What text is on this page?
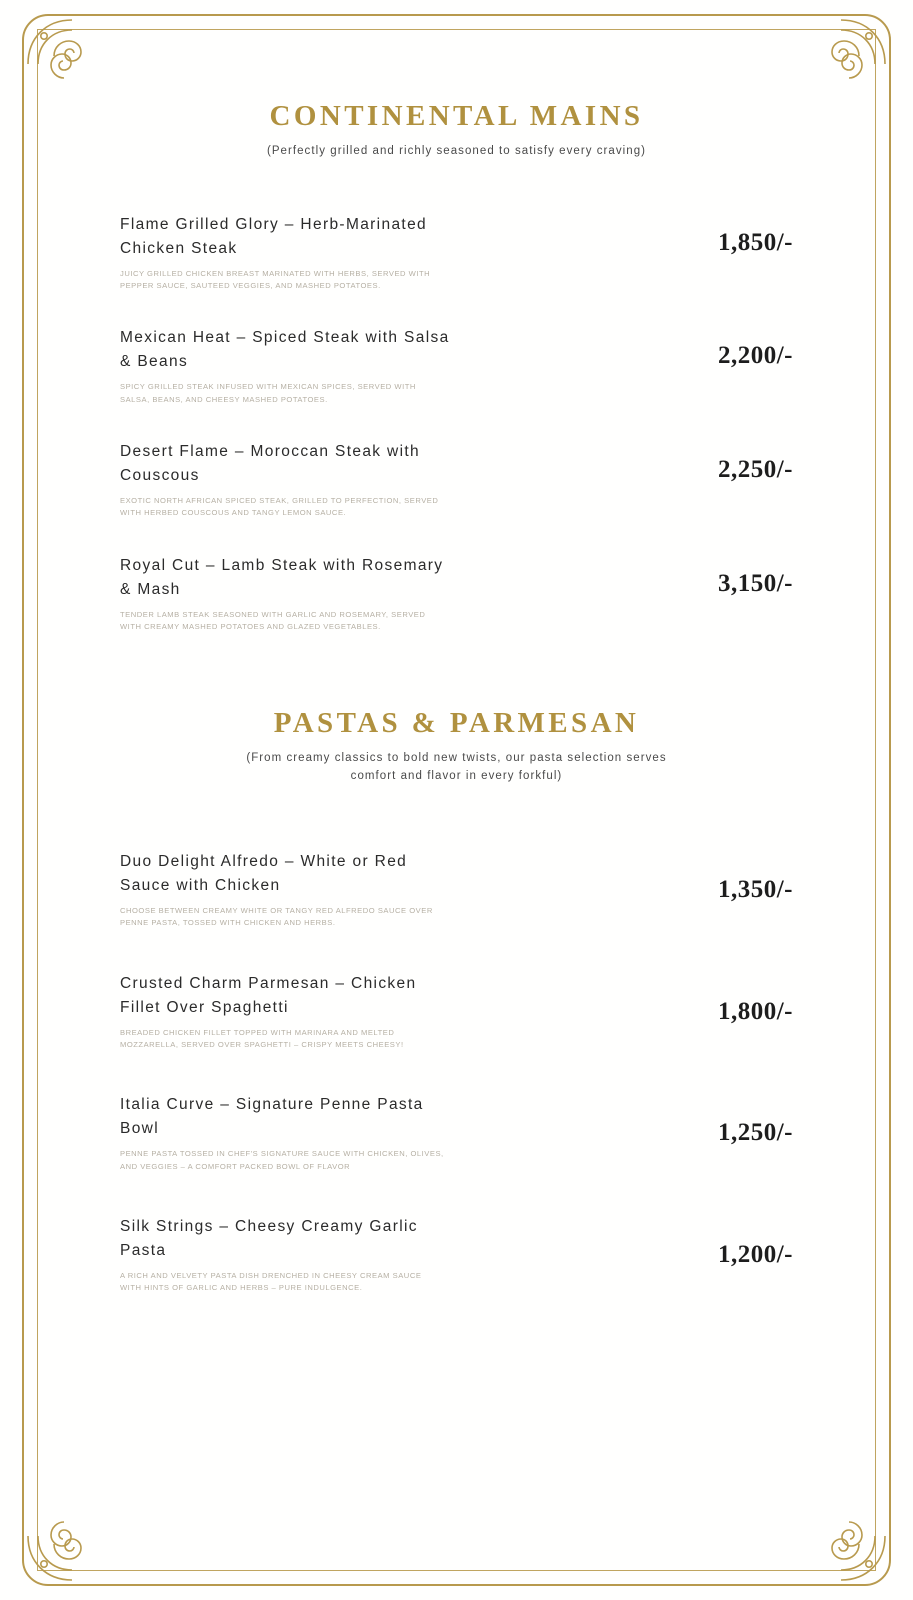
CONTINENTAL MAINS

(Perfectly grilled and richly seasoned to satisfy every craving)

Flame Grilled Glory – Herb-Marinated Chicken Steak

JUICY GRILLED CHICKEN BREAST MARINATED WITH HERBS, SERVED WITH PEPPER SAUCE, SAUTEED VEGGIES, AND MASHED POTATOES.

1,850/-

Mexican Heat – Spiced Steak with Salsa & Beans

SPICY GRILLED STEAK INFUSED WITH MEXICAN SPICES, SERVED WITH SALSA, BEANS, AND CHEESY MASHED POTATOES.

2,200/-

Desert Flame – Moroccan Steak with Couscous

EXOTIC NORTH AFRICAN SPICED STEAK, GRILLED TO PERFECTION, SERVED WITH HERBED COUSCOUS AND TANGY LEMON SAUCE.

2,250/-

Royal Cut – Lamb Steak with Rosemary & Mash

TENDER LAMB STEAK SEASONED WITH GARLIC AND ROSEMARY, SERVED WITH CREAMY MASHED POTATOES AND GLAZED VEGETABLES.

3,150/-
PASTAS & PARMESAN

(From creamy classics to bold new twists, our pasta selection serves comfort and flavor in every forkful)

Duo Delight Alfredo – White or Red Sauce with Chicken

CHOOSE BETWEEN CREAMY WHITE OR TANGY RED ALFREDO SAUCE OVER PENNE PASTA, TOSSED WITH CHICKEN AND HERBS.

1,350/-

Crusted Charm Parmesan – Chicken Fillet Over Spaghetti

BREADED CHICKEN FILLET TOPPED WITH MARINARA AND MELTED MOZZARELLA, SERVED OVER SPAGHETTI – CRISPY MEETS CHEESY!

1,800/-

Italia Curve – Signature Penne Pasta Bowl

PENNE PASTA TOSSED IN CHEF'S SIGNATURE SAUCE WITH CHICKEN, OLIVES, AND VEGGIES – A COMFORT PACKED BOWL OF FLAVOR

1,250/-

Silk Strings – Cheesy Creamy Garlic Pasta

A RICH AND VELVETY PASTA DISH DRENCHED IN CHEESY CREAM SAUCE WITH HINTS OF GARLIC AND HERBS – PURE INDULGENCE.

1,200/-
